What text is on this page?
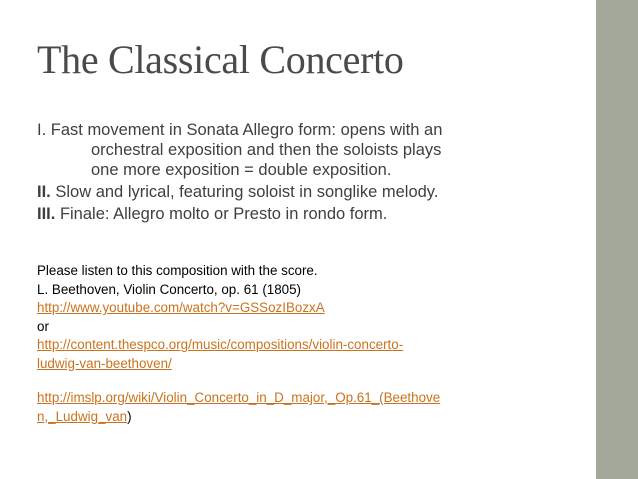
The Classical Concerto
I. Fast movement in Sonata Allegro form: opens with an
orchestral exposition and then the soloists plays
one more exposition = double exposition.
II. Slow and lyrical, featuring soloist in songlike melody.
III. Finale: Allegro molto or Presto in rondo form.
Please listen to this composition with the score.
L. Beethoven, Violin Concerto, op. 61 (1805)
http://www.youtube.com/watch?v=GSSozIBozxA
or
http://content.thespco.org/music/compositions/violin-concerto-
ludwig-van-beethoven/
http://imslp.org/wiki/Violin_Concerto_in_D_major,_Op.61_(Beethove
n,_Ludwig_van)
